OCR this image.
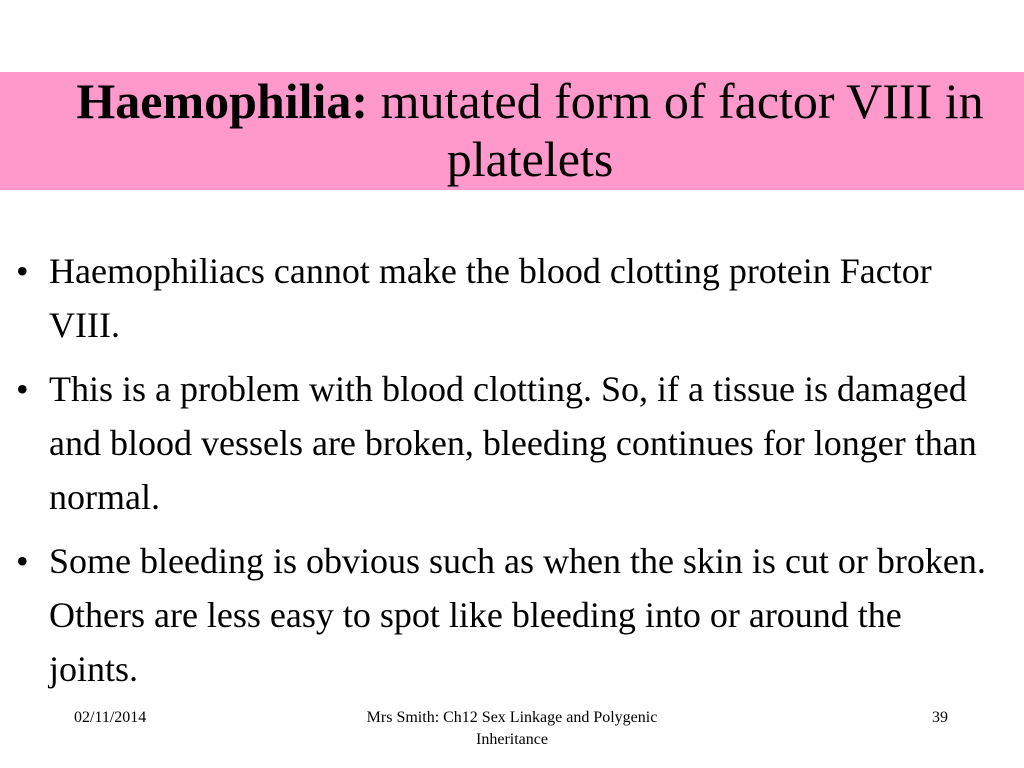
Haemophilia: mutated form of factor VIII in platelets
• Haemophiliacs cannot make the blood clotting protein Factor VIII.
• This is a problem with blood clotting. So, if a tissue is damaged and blood vessels are broken, bleeding continues for longer than normal.
• Some bleeding is obvious such as when the skin is cut or broken. Others are less easy to spot like bleeding into or around the joints.
02/11/2014	Mrs Smith: Ch12 Sex Linkage and Polygenic Inheritance
39
